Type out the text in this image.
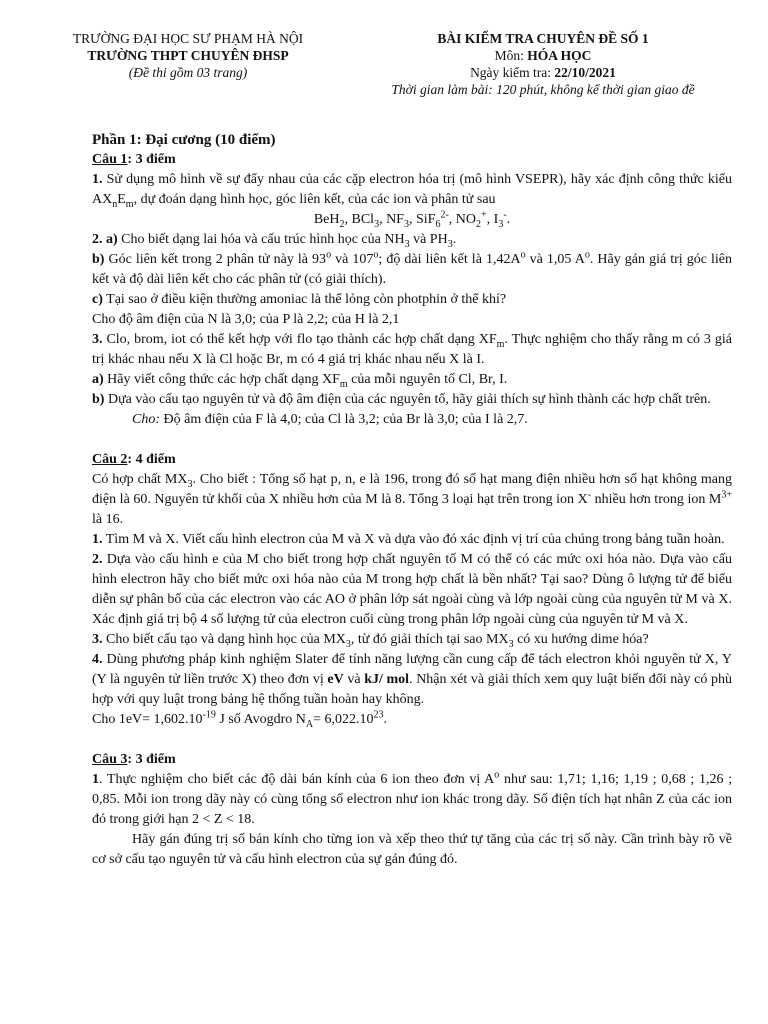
TRƯỜNG ĐẠI HỌC SƯ PHẠM HÀ NỘI
TRƯỜNG THPT CHUYÊN ĐHSP
(Đề thi gồm 03 trang)
BÀI KIỂM TRA CHUYÊN ĐỀ SỐ 1
Môn: HÓA HỌC
Ngày kiểm tra: 22/10/2021
Thời gian làm bài: 120 phút, không kể thời gian giao đề

Phần 1: Đại cương (10 điểm)

Câu 1: 3 điểm

1. Sử dụng mô hình về sự đẩy nhau của các cặp electron hóa trị (mô hình VSEPR), hãy xác định công thức kiểu $AX_nE_m$, dự đoán dạng hình học, góc liên kết, của các ion và phân tử sau

BeH$_2$, BCl$_3$, $NF_3$, SiF$_6^{2-}$, $NO_2^+$, $I_3^-$.

2. a) Cho biết dạng lai hóa và cấu trúc hình học của $NH_3$ và $PH_3$.

b) Góc liên kết trong 2 phân tử này là 93$^o$ và 107$^o$; độ dài liên kết là $1,42A^o$ và 1,05 $A^o$. Hãy gán giá trị góc liên kết và độ dài liên kết cho các phân tử (có giải thích).

c) Tại sao ở điều kiện thường amoniac là thể lỏng còn photphin ở thể khí?

Cho độ âm điện của N là 3,0; của P là 2,2; của H là 2,1

3. Clo, brom, iot có thể kết hợp với flo tạo thành các hợp chất dạng $XF_m$. Thực nghiệm cho thấy rằng m có 3 giá trị khác nhau nếu X là Cl hoặc Br, m có 4 giá trị khác nhau nếu X là I.

a) Hãy viết công thức các hợp chất dạng $XF_m$ của mỗi nguyên tố Cl, Br, I.

b) Dựa vào cấu tạo nguyên tử và độ âm điện của các nguyên tố, hãy giải thích sự hình thành các hợp chất trên.

Cho: Độ âm điện của F là 4,0; của Cl là 3,2; của Br là 3,0; của I là 2,7.

Câu 2: 4 điểm

Có hợp chất $MX_3$. Cho biết : Tổng số hạt p, n, e là 196, trong đó số hạt mang điện nhiều hơn số hạt không mang điện là 60. Nguyên tử khối của X nhiều hơn của M là 8. Tổng 3 loại hạt trên trong ion X- nhiều hơn trong ion $M^{3+}$ là 16.

1. Tìm M và X. Viết cấu hình electron của M và X và dựa vào đó xác định vị trí của chúng trong bảng tuần hoàn.

2. Dựa vào cấu hình e của M cho biết trong hợp chất nguyên tố M có thể có các mức oxi hóa nào. Dựa vào cấu hình electron hãy cho biết mức oxi hóa nào của M trong hợp chất là bền nhất? Tại sao? Dùng ô lượng tử để biểu diễn sự phân bố của các electron vào các AO ở phân lớp sát ngoài cùng và lớp ngoài cùng của nguyên tử M và X. Xác định giá trị bộ 4 số lượng tử của electron cuối cùng trong phân lớp ngoài cùng của nguyên tử M và X.

3. Cho biết cấu tạo và dạng hình học của $MX_3$, từ đó giải thích tại sao $MX_3$ có xu hướng dime hóa?

4. Dùng phương pháp kinh nghiệm Slater để tính năng lượng cần cung cấp để tách electron khỏi nguyên tử X, Y (Y là nguyên tử liền trước X) theo đơn vị eV và kJ/ mol. Nhận xét và giải thích xem quy luật biến đổi này có phù hợp với quy luật trong bảng hệ thống tuần hoàn hay không.

Cho $1eV= 1,602.10^{-19}$ J số Avogdro $N_A= 6,022.10^{23}$.

Câu 3: 3 điểm

1. Thực nghiệm cho biết các độ dài bán kính của 6 ion theo đơn vị $A^o$ như sau: 1,71; 1,16; 1,19 ; 0,68 ; 1,26 ; 0,85. Mỗi ion trong dãy này có cùng tổng số electron như ion khác trong dãy. Số điện tích hạt nhân Z của các ion đó trong giới hạn 2 < Z < 18.

Hãy gán đúng trị số bán kính cho từng ion và xếp theo thứ tự tăng của các trị số này. Cần trình bày rõ về cơ sở cấu tạo nguyên tử và cấu hình electron của sự gán đúng đó.
